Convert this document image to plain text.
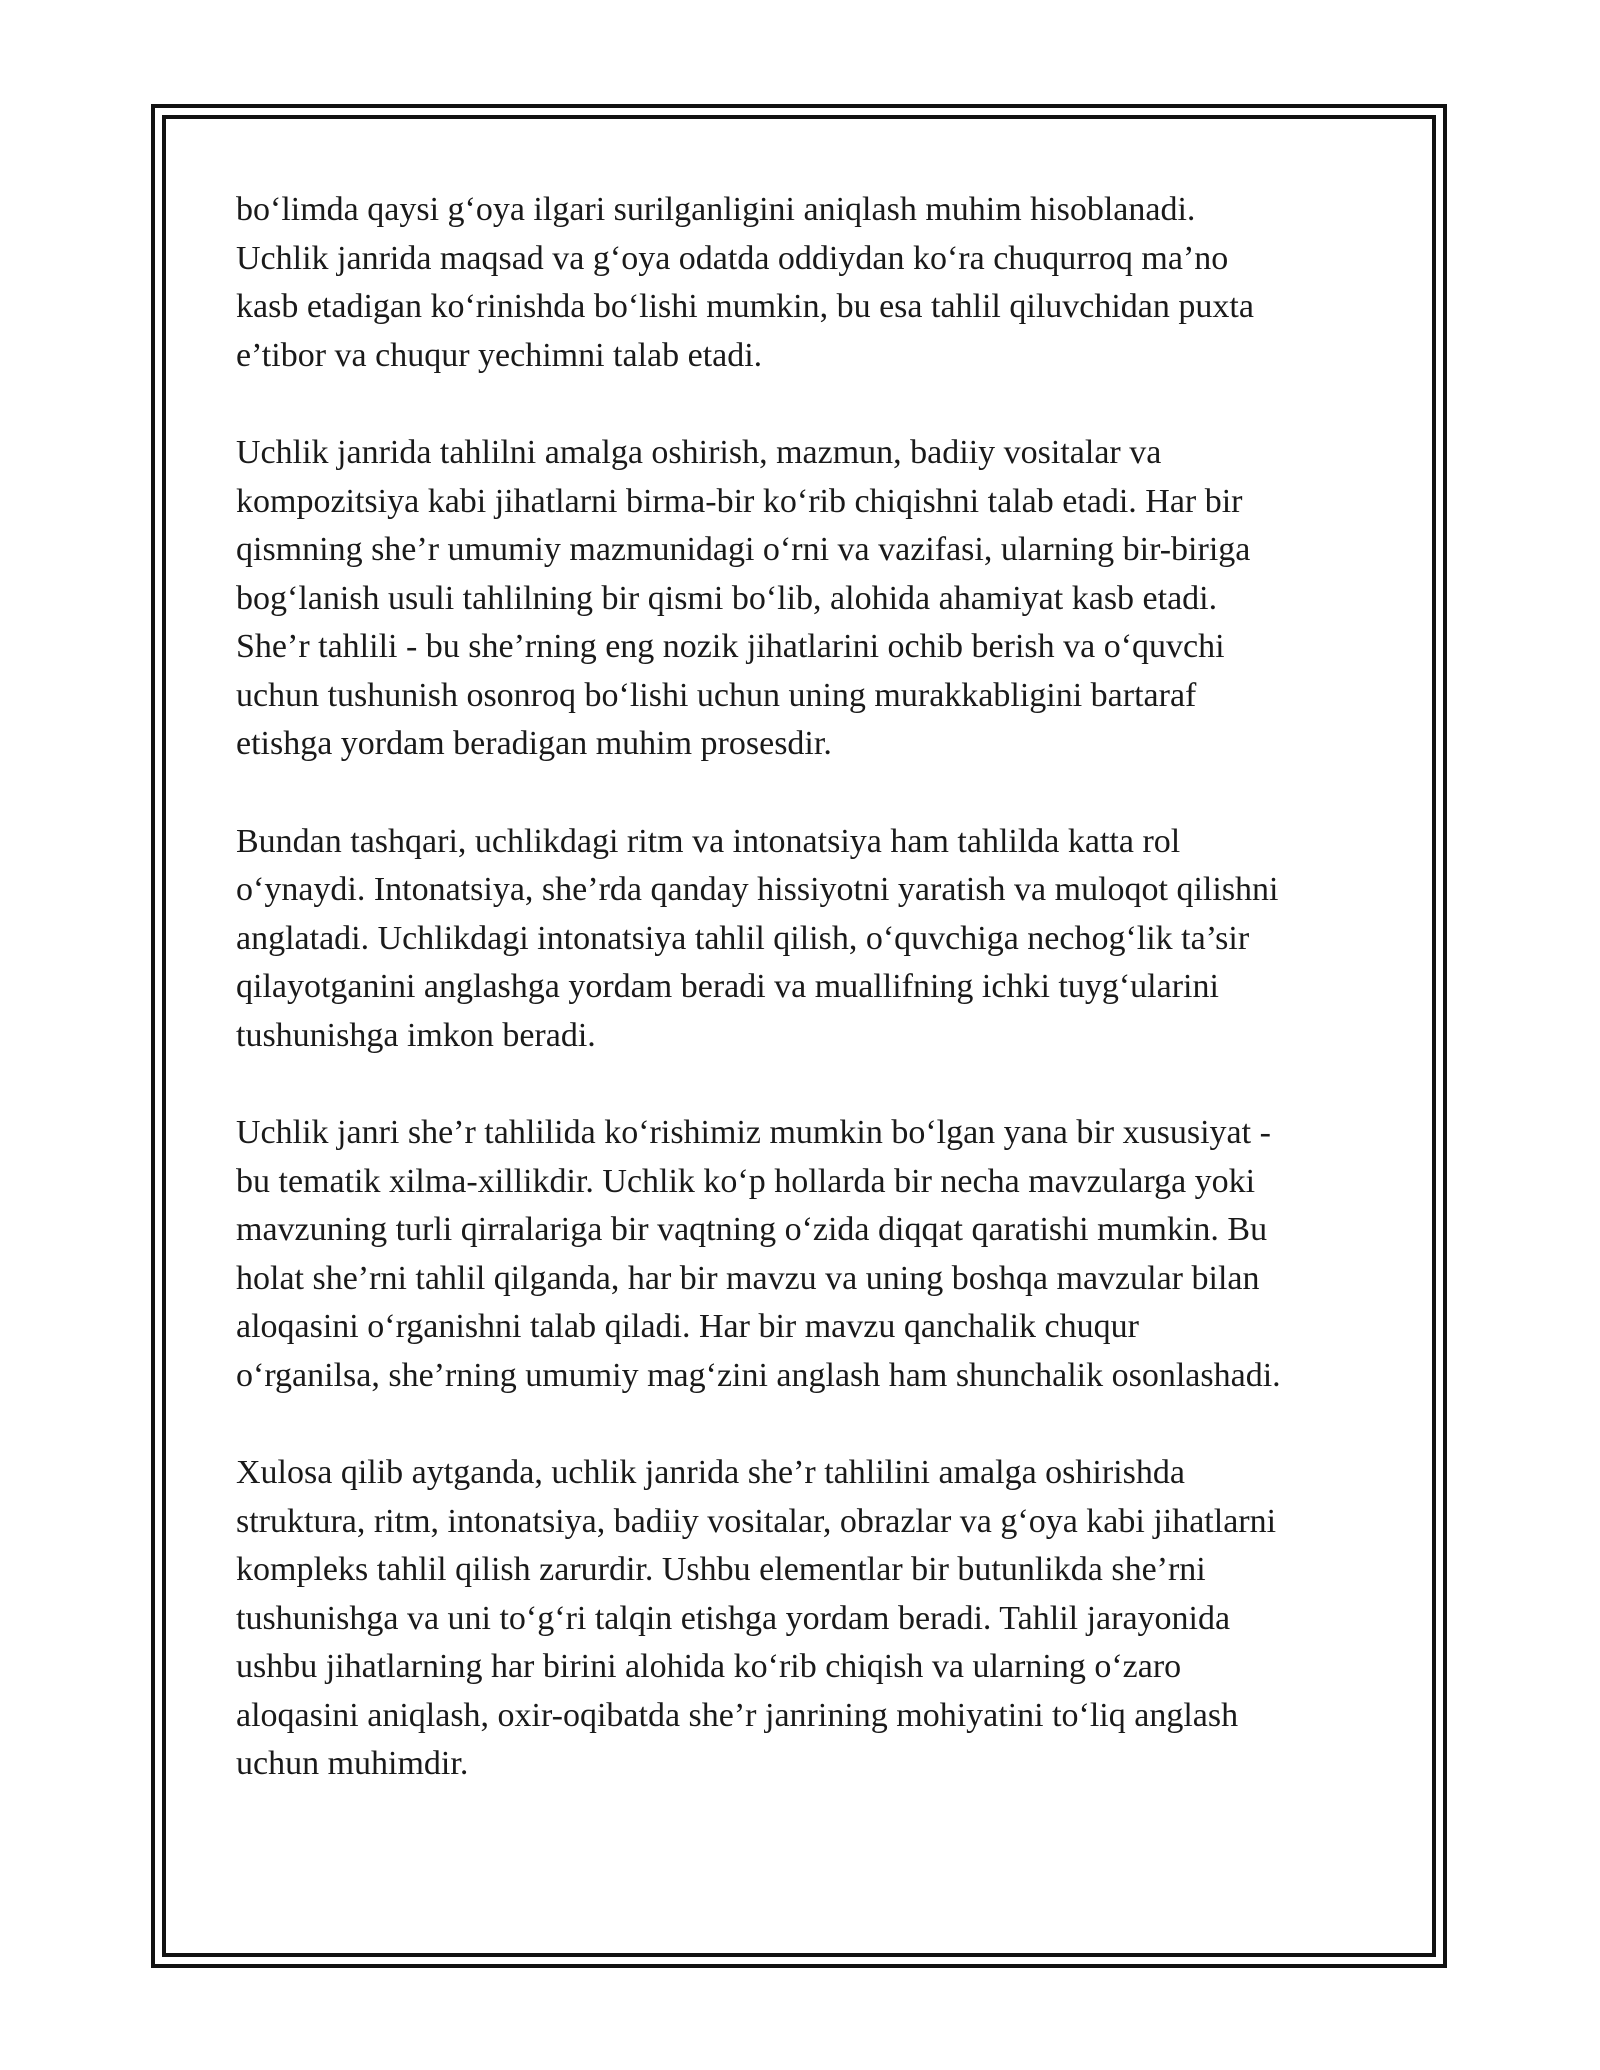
bo‘limda qaysi g‘oya ilgari surilganligini aniqlash muhim hisoblanadi.
Uchlik janrida maqsad va g‘oya odatda oddiydan ko‘ra chuqurroq ma’no
kasb etadigan ko‘rinishda bo‘lishi mumkin, bu esa tahlil qiluvchidan puxta
e’tibor va chuqur yechimni talab etadi.

Uchlik janrida tahlilni amalga oshirish, mazmun, badiiy vositalar va
kompozitsiya kabi jihatlarni birma-bir ko‘rib chiqishni talab etadi. Har bir
qismning she’r umumiy mazmunidagi o‘rni va vazifasi, ularning bir-biriga
bog‘lanish usuli tahlilning bir qismi bo‘lib, alohida ahamiyat kasb etadi.
She’r tahlili - bu she’rning eng nozik jihatlarini ochib berish va o‘quvchi
uchun tushunish osonroq bo‘lishi uchun uning murakkabligini bartaraf
etishga yordam beradigan muhim prosesdir.

Bundan tashqari, uchlikdagi ritm va intonatsiya ham tahlilda katta rol
o‘ynaydi. Intonatsiya, she’rda qanday hissiyotni yaratish va muloqot qilishni
anglatadi. Uchlikdagi intonatsiya tahlil qilish, o‘quvchiga nechog‘lik ta’sir
qilayotganini anglashga yordam beradi va muallifning ichki tuyg‘ularini
tushunishga imkon beradi.

Uchlik janri she’r tahlilida ko‘rishimiz mumkin bo‘lgan yana bir xususiyat -
bu tematik xilma-xillikdir. Uchlik ko‘p hollarda bir necha mavzularga yoki
mavzuning turli qirralariga bir vaqtning o‘zida diqqat qaratishi mumkin. Bu
holat she’rni tahlil qilganda, har bir mavzu va uning boshqa mavzular bilan
aloqasini o‘rganishni talab qiladi. Har bir mavzu qanchalik chuqur
o‘rganilsa, she’rning umumiy mag‘zini anglash ham shunchalik osonlashadi.

Xulosa qilib aytganda, uchlik janrida she’r tahlilini amalga oshirishda
struktura, ritm, intonatsiya, badiiy vositalar, obrazlar va g‘oya kabi jihatlarni
kompleks tahlil qilish zarurdir. Ushbu elementlar bir butunlikda she’rni
tushunishga va uni to‘g‘ri talqin etishga yordam beradi. Tahlil jarayonida
ushbu jihatlarning har birini alohida ko‘rib chiqish va ularning o‘zaro
aloqasini aniqlash, oxir-oqibatda she’r janrining mohiyatini to‘liq anglash
uchun muhimdir.
